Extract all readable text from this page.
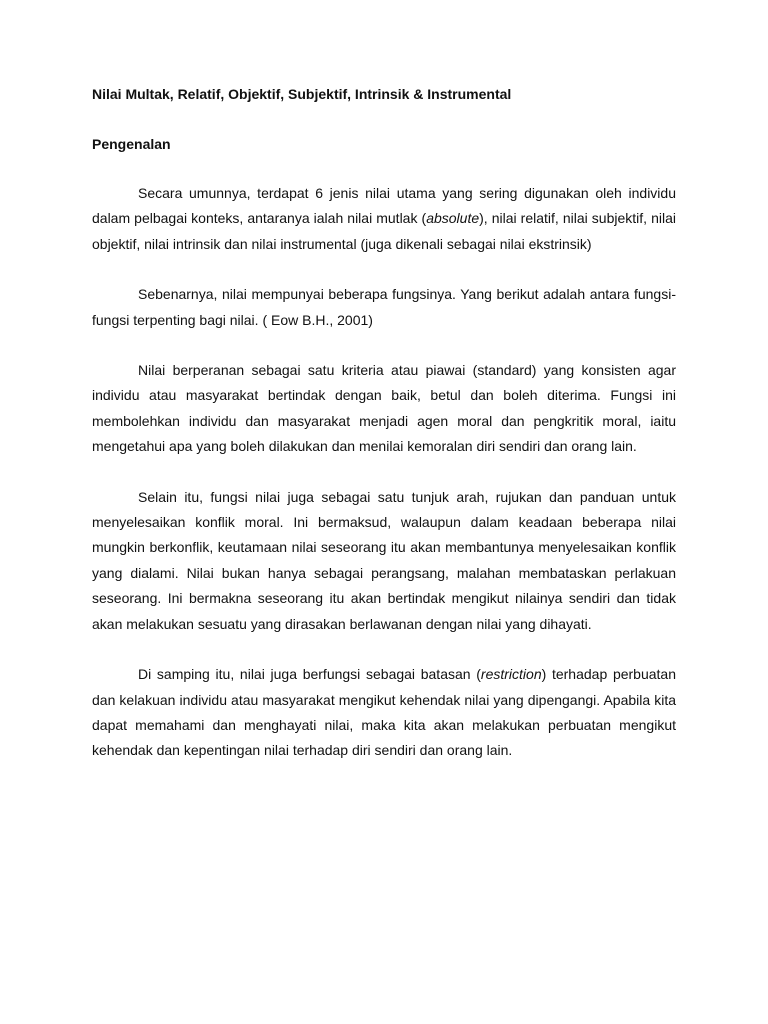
Nilai Multak, Relatif, Objektif, Subjektif, Intrinsik & Instrumental

Pengenalan

Secara umunnya, terdapat 6 jenis nilai utama yang sering digunakan oleh individu dalam pelbagai konteks, antaranya ialah nilai mutlak (absolute), nilai relatif, nilai subjektif, nilai objektif, nilai intrinsik dan nilai instrumental (juga dikenali sebagai nilai ekstrinsik)

Sebenarnya, nilai mempunyai beberapa fungsinya. Yang berikut adalah antara fungsi-fungsi terpenting bagi nilai. ( Eow B.H., 2001)

Nilai berperanan sebagai satu kriteria atau piawai (standard) yang konsisten agar individu atau masyarakat bertindak dengan baik, betul dan boleh diterima. Fungsi ini membolehkan individu dan masyarakat menjadi agen moral dan pengkritik moral, iaitu mengetahui apa yang boleh dilakukan dan menilai kemoralan diri sendiri dan orang lain.

Selain itu, fungsi nilai juga sebagai satu tunjuk arah, rujukan dan panduan untuk menyelesaikan konflik moral. Ini bermaksud, walaupun dalam keadaan beberapa nilai mungkin berkonflik, keutamaan nilai seseorang itu akan membantunya menyelesaikan konflik yang dialami. Nilai bukan hanya sebagai perangsang, malahan membataskan perlakuan seseorang. Ini bermakna seseorang itu akan bertindak mengikut nilainya sendiri dan tidak akan melakukan sesuatu yang dirasakan berlawanan dengan nilai yang dihayati.

Di samping itu, nilai juga berfungsi sebagai batasan (restriction) terhadap perbuatan dan kelakuan individu atau masyarakat mengikut kehendak nilai yang dipengangi. Apabila kita dapat memahami dan menghayati nilai, maka kita akan melakukan perbuatan mengikut kehendak dan kepentingan nilai terhadap diri sendiri dan orang lain.
